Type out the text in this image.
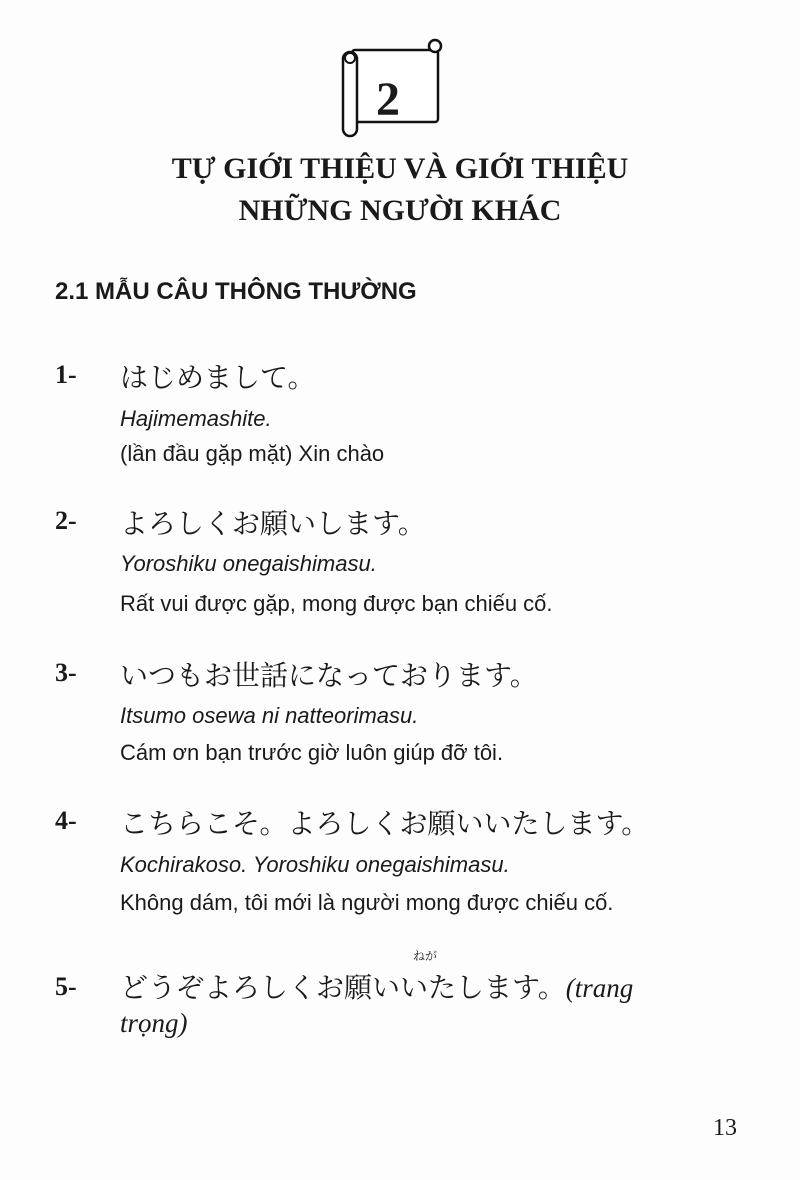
2
TỰ GIỚI THIỆU VÀ GIỚI THIỆU
NHỮNG NGƯỜI KHÁC
2.1 MẪU CÂU THÔNG THƯỜNG
1- はじめまして。
Hajimemashite.
(lần đầu gặp mặt) Xin chào
2- よろしくお願いします。
Yoroshiku onegaishimasu.
Rất vui được gặp, mong được bạn chiếu cố.
3- いつもお世話になっております。
Itsumo osewa ni natteorimasu.
Cám ơn bạn trước giờ luôn giúp đỡ tôi.
4- こちらこそ。よろしくお願いいたします。
Kochirakoso. Yoroshiku onegaishimasu.
Không dám, tôi mới là người mong được chiếu cố.
ねが
5- どうぞよろしくお願いいたします。(trang
trọng)
13
